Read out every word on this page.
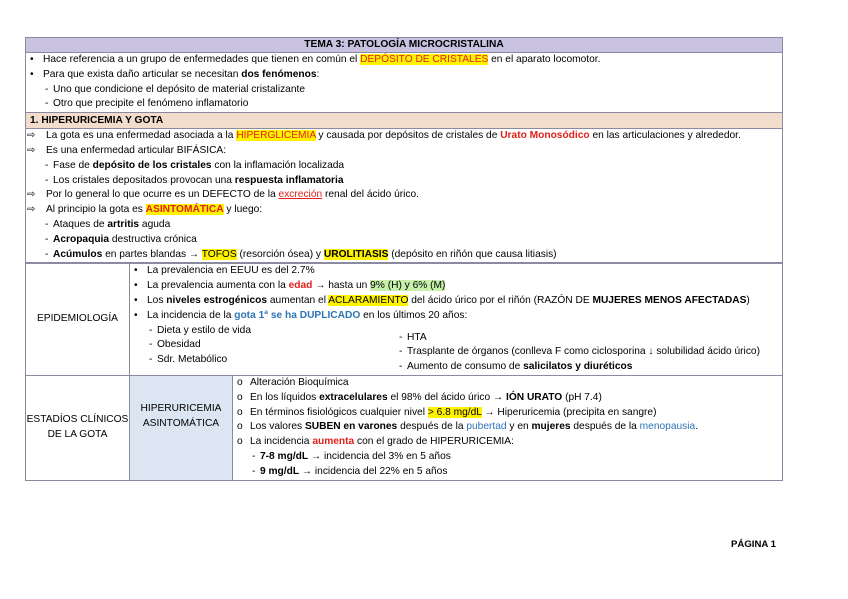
TEMA 3: PATOLOGÍA MICROCRISTALINA
• Hace referencia a un grupo de enfermedades que tienen en común el DEPÓSITO DE CRISTALES en el aparato locomotor.
• Para que exista daño articular se necesitan dos fenómenos:
- Uno que condicione el depósito de material cristalizante
- Otro que precipite el fenómeno inflamatorio
1. HIPERURICEMIA Y GOTA
⇨	La gota es una enfermedad asociada a la HIPERGLICEMIA y causada por depósitos de cristales de Urato Monosódico en las articulaciones y alrededor.
⇨	Es una enfermedad articular BIFÁSICA:
- Fase de depósito de los cristales con la inflamación localizada
- Los cristales depositados provocan una respuesta inflamatoria
⇨	Por lo general lo que ocurre es un DEFECTO de la excreción renal del ácido úrico.
⇨	Al principio la gota es ASINTOMÁTICA y luego:
- Ataques de artritis aguda
- Acropaquia destructiva crónica
- Acúmulos en partes blandas → TOFOS (resorción ósea) y UROLITIASIS (depósito en riñón que causa litiasis)
EPIDEMIOLOGÍA	
• La prevalencia en EEUU es del 2.7%
• La prevalencia aumenta con la edad → hasta un 9% (H) y 6% (M)
• Los niveles estrogénicos aumentan el ACLARAMIENTO del ácido úrico por el riñón (RAZÓN DE MUJERES MENOS AFECTADAS)
• La incidencia de la gota 1ª se ha DUPLICADO en los últimos 20 años:
- Dieta y estilo de vida
- Obesidad
- Sdr. Metabólico
- HTA
- Trasplante de órganos (conlleva F como ciclosporina ↓ solubilidad ácido úrico)
- Aumento de consumo de salicilatos y diuréticos
ESTADÍOS CLÍNICOS
DE LA GOTA

HIPERURICEMIA
ASINTOMÁTICA

o Alteración Bioquímica
o En los líquidos extracelulares el 98% del ácido úrico → IÓN URATO (pH 7.4)
o En términos fisiológicos cualquier nivel > 6.8 mg/dL → Hiperuricemia (precipita en sangre)
o Los valores SUBEN en varones después de la pubertad y en mujeres después de la menopausia.
o La incidencia aumenta con el grado de HIPERURICEMIA:
- 7-8 mg/dL → incidencia del 3% en 5 años
- 9 mg/dL → incidencia del 22% en 5 años
PÁGINA 1
